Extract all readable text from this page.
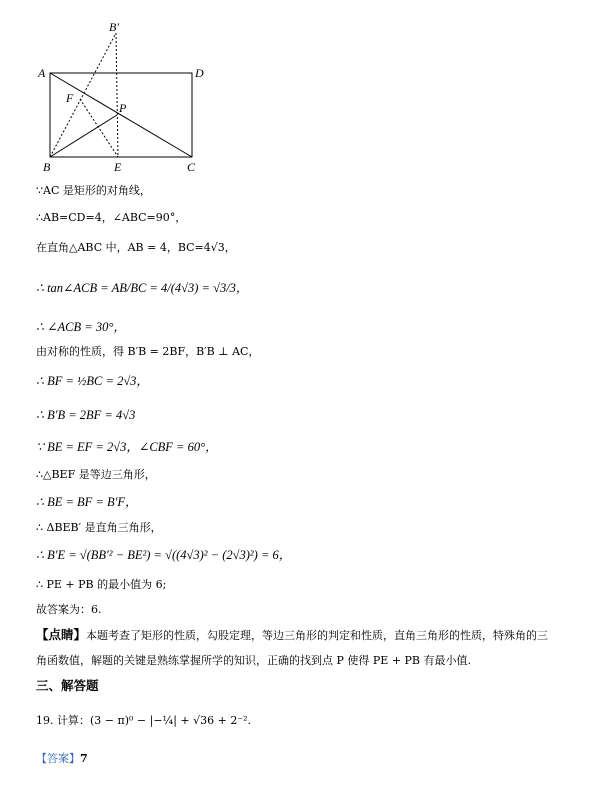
B′
A	D
F
P
B	E	C
∵AC 是矩形的对角线，
∴AB=CD=4，∠ABC=90°，
在直角△ABC 中，AB = 4，BC=4√3，
∴ tan∠ACB = AB/BC = 4/(4√3) = √3/3，
∴ ∠ACB = 30°，
由对称的性质，得 B′B = 2BF，B′B ⊥ AC，
∴ BF = ½BC = 2√3，
∴ B′B = 2BF = 4√3
∵ BE = EF = 2√3，∠CBF = 60°，
∴△BEF 是等边三角形，
∴ BE = BF = B′F，
∴ ΔBEB′ 是直角三角形，
∴ B′E = √(BB′² − BE²) = √((4√3)² − (2√3)²) = 6，
∴ PE + PB 的最小值为 6;
故答案为：6.
【点睛】本题考查了矩形的性质，勾股定理，等边三角形的判定和性质，直角三角形的性质，特殊角的三
角函数值，解题的关键是熟练掌握所学的知识，正确的找到点 P 使得 PE + PB 有最小值.
三、解答题
19. 计算：(3 − π)⁰ − |−¼| + √36 + 2⁻².
【答案】7
